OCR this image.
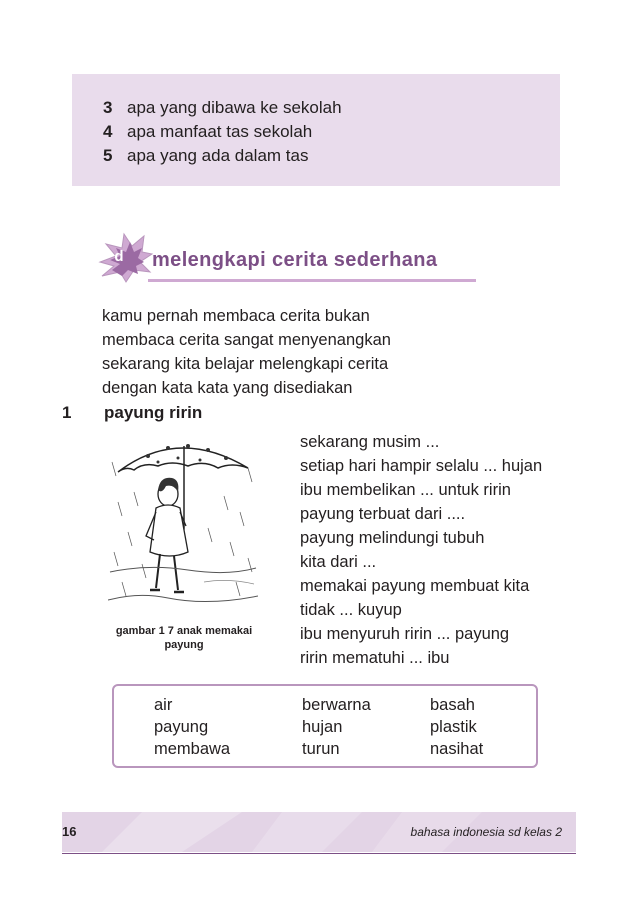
3 apa yang dibawa ke sekolah
4 apa manfaat tas sekolah
5 apa yang ada dalam tas
d melengkapi cerita sederhana

kamu pernah membaca cerita bukan

membaca cerita sangat menyenangkan

sekarang kita belajar melengkapi cerita

dengan kata kata yang disediakan

1 payung ririn
gambar 1 7 anak memakai
payung

sekarang musim ...

setiap hari hampir selalu ... hujan

ibu membelikan ... untuk ririn

payung terbuat dari ....

payung melindungi tubuh

kita dari ...

memakai payung membuat kita

tidak ... kuyup

ibu menyuruh ririn ... payung

ririn mematuhi ... ibu

air

payung

membawa

berwarna

hujan

turun

basah

plastik

nasihat

16	bahasa indonesia sd kelas 2
